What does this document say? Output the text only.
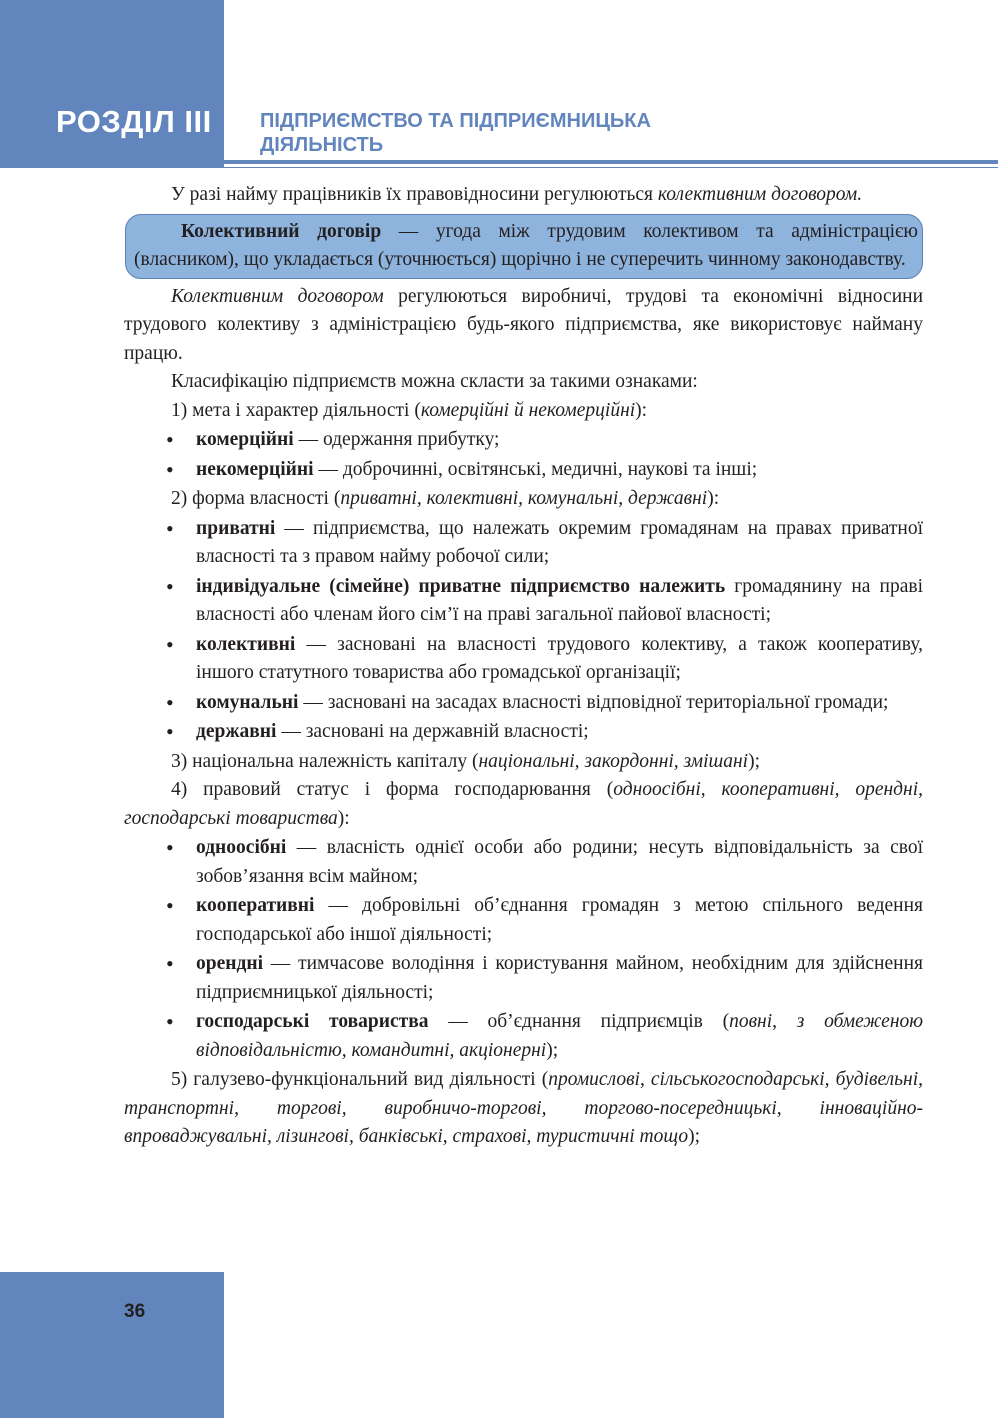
РОЗДІЛ ІІІ ПІДПРИЄМСТВО ТА ПІДПРИЄМНИЦЬКА
ДІЯЛЬНІСТЬ

У разі найму працівників їх правовідносини регулюються колективним договором.

Колективний договір — угода між трудовим колективом та адміністрацією (власником), що укладається (уточнюється) щорічно і не суперечить чинному законодавству.

Колективним договором регулюються виробничі, трудові та економічні відносини трудового колективу з адміністрацією будь-якого підприємства, яке використовує найману працю.

Класифікацію підприємств можна скласти за такими ознаками:

1) мета і характер діяльності (комерційні й некомерційні):

• комерційні — одержання прибутку;
• некомерційні — доброчинні, освітянські, медичні, наукові та інші;

2) форма власності (приватні, колективні, комунальні, державні):

• приватні — підприємства, що належать окремим громадянам на правах приватної власності та з правом найму робочої сили;
• індивідуальне (сімейне) приватне підприємство належить громадянину на праві власності або членам його сім’ї на праві загальної пайової власності;
• колективні — засновані на власності трудового колективу, а також кооперативу, іншого статутного товариства або громадської організації;
• комунальні — засновані на засадах власності відповідної територіальної громади;
• державні — засновані на державній власності;

3) національна належність капіталу (національні, закордонні, змішані);

4) правовий статус і форма господарювання (одноосібні, кооперативні, орендні, господарські товариства):

• одноосібні — власність однієї особи або родини; несуть відповідальність за свої зобов’язання всім майном;
• кооперативні — добровільні об’єднання громадян з метою спільного ведення господарської або іншої діяльності;
• орендні — тимчасове володіння і користування майном, необхідним для здійснення підприємницької діяльності;
• господарські товариства — об’єднання підприємців (повні, з обмеженою відповідальністю, командитні, акціонерні);

5) галузево-функціональний вид діяльності (промислові, сільськогосподарські, будівельні, транспортні, торгові, виробничо-торгові, торгово-посередницькі, інноваційно-впроваджувальні, лізингові, банківські, страхові, туристичні тощо);

36
